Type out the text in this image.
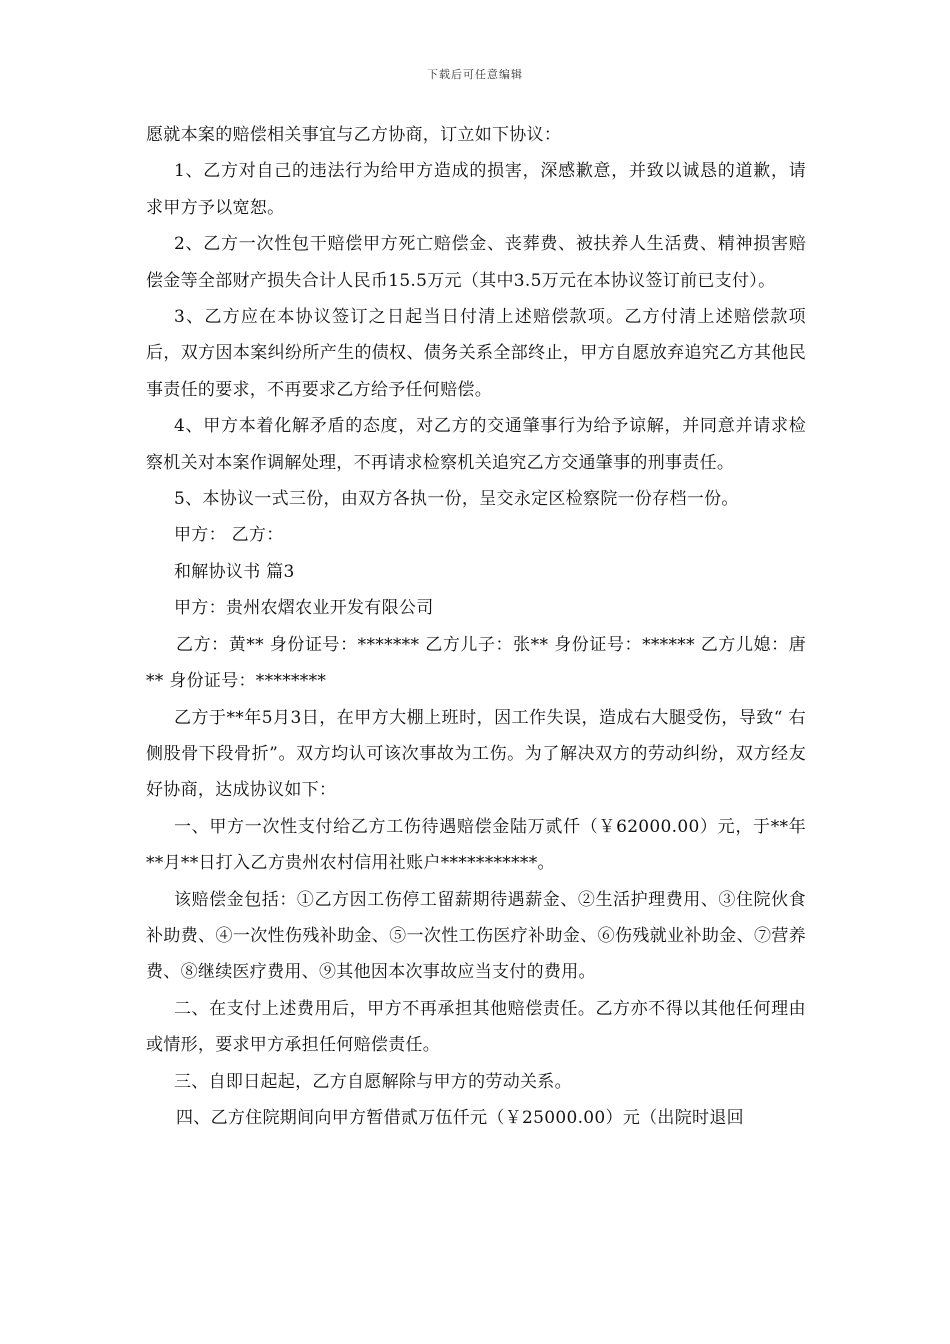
下载后可任意编辑

愿就本案的赔偿相关事宜与乙方协商，订立如下协议：

1、乙方对自己的违法行为给甲方造成的损害，深感歉意，并致以诚恳的道歉，请求甲方予以宽恕。

2、乙方一次性包干赔偿甲方死亡赔偿金、丧葬费、被扶养人生活费、精神损害赔偿金等全部财产损失合计人民币15.5万元（其中3.5万元在本协议签订前已支付）。

3、乙方应在本协议签订之日起当日付清上述赔偿款项。乙方付清上述赔偿款项后，双方因本案纠纷所产生的债权、债务关系全部终止，甲方自愿放弃追究乙方其他民事责任的要求，不再要求乙方给予任何赔偿。

4、甲方本着化解矛盾的态度，对乙方的交通肇事行为给予谅解，并同意并请求检察机关对本案作调解处理，不再请求检察机关追究乙方交通肇事的刑事责任。

5、本协议一式三份，由双方各执一份，呈交永定区检察院一份存档一份。

甲方： 乙方：

和解协议书 篇3

甲方：贵州农熠农业开发有限公司

乙方：黄** 身份证号：******* 乙方儿子：张** 身份证号：****** 乙方儿媳：唐** 身份证号：********

乙方于**年5月3日，在甲方大棚上班时，因工作失误，造成右大腿受伤，导致“ 右侧股骨下段骨折”。双方均认可该次事故为工伤。为了解决双方的劳动纠纷，双方经友好协商，达成协议如下：

一、甲方一次性支付给乙方工伤待遇赔偿金陆万贰仟（￥62000.00）元，于**年**月**日打入乙方贵州农村信用社账户***********。

该赔偿金包括：①乙方因工伤停工留薪期待遇薪金、②生活护理费用、③住院伙食补助费、④一次性伤残补助金、⑤一次性工伤医疗补助金、⑥伤残就业补助金、⑦营养费、⑧继续医疗费用、⑨其他因本次事故应当支付的费用。

二、在支付上述费用后，甲方不再承担其他赔偿责任。乙方亦不得以其他任何理由或情形，要求甲方承担任何赔偿责任。

三、自即日起起，乙方自愿解除与甲方的劳动关系。

四、乙方住院期间向甲方暂借贰万伍仟元（￥25000.00）元（出院时退回
